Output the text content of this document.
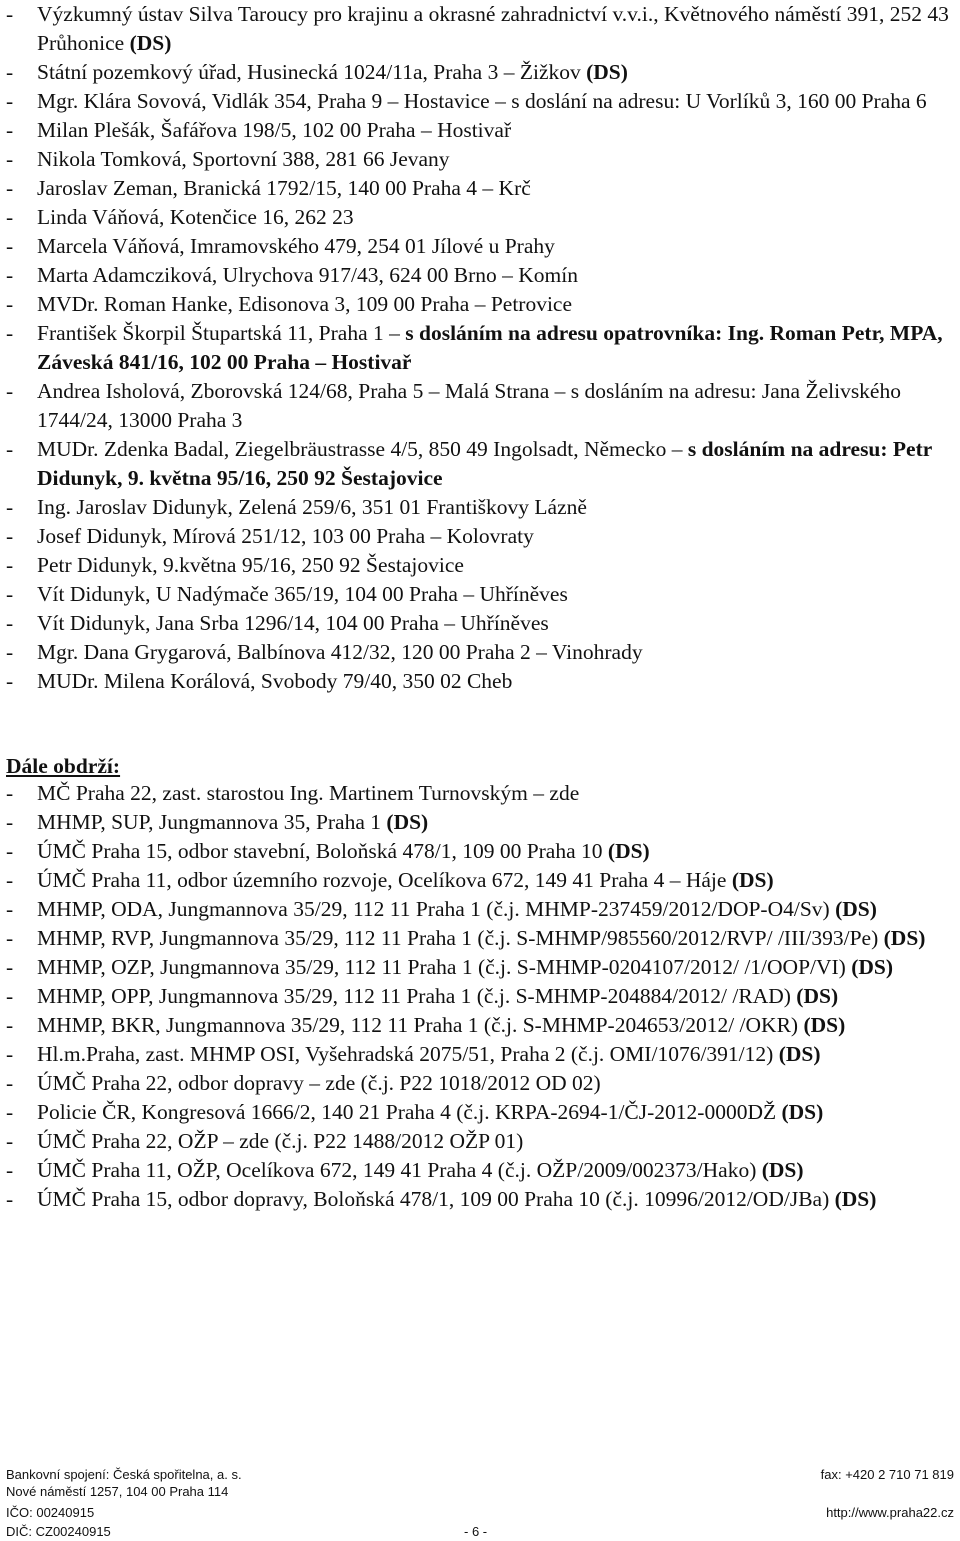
- Výzkumný ústav Silva Taroucy pro krajinu a okrasné zahradnictví v.v.i., Květnového náměstí 391, 252 43 Průhonice (DS)
- Státní pozemkový úřad, Husinecká 1024/11a, Praha 3 – Žižkov (DS)
- Mgr. Klára Sovová, Vidlák 354, Praha 9 – Hostavice – s doslání na adresu: U Vorlíků 3, 160 00 Praha 6
- Milan Plešák, Šafářova 198/5, 102 00 Praha – Hostivař
- Nikola Tomková, Sportovní 388, 281 66 Jevany
- Jaroslav Zeman, Branická 1792/15, 140 00 Praha 4 – Krč
- Linda Váňová, Kotenčice 16, 262 23
- Marcela Váňová, Imramovského 479, 254 01 Jílové u Prahy
- Marta Adamcziková, Ulrychova 917/43, 624 00 Brno – Komín
- MVDr. Roman Hanke, Edisonova 3, 109 00 Praha – Petrovice
- František Škorpil Štupartská 11, Praha 1 – s dosláním na adresu opatrovníka: Ing. Roman Petr, MPA, Záveská 841/16, 102 00 Praha – Hostivař
- Andrea Isholová, Zborovská 124/68, Praha 5 – Malá Strana – s dosláním na adresu: Jana Želivského 1744/24, 13000 Praha 3
- MUDr. Zdenka Badal, Ziegelbräustrasse 4/5, 850 49 Ingolsadt, Německo – s dosláním na adresu: Petr Didunyk, 9. května 95/16, 250 92 Šestajovice
- Ing. Jaroslav Didunyk, Zelená 259/6, 351 01 Františkovy Lázně
- Josef Didunyk, Mírová 251/12, 103 00 Praha – Kolovraty
- Petr Didunyk, 9.května 95/16, 250 92 Šestajovice
- Vít Didunyk, U Nadýmače 365/19, 104 00 Praha – Uhříněves
- Vít Didunyk, Jana Srba 1296/14, 104 00 Praha – Uhříněves
- Mgr. Dana Grygarová, Balbínova 412/32, 120 00 Praha 2 – Vinohrady
- MUDr. Milena Korálová, Svobody 79/40, 350 02 Cheb
Dále obdrží:
- MČ Praha 22, zast. starostou Ing. Martinem Turnovským – zde
- MHMP, SUP, Jungmannova 35, Praha 1 (DS)
- ÚMČ Praha 15, odbor stavební, Boloňská 478/1, 109 00 Praha 10 (DS)
- ÚMČ Praha 11, odbor územního rozvoje, Ocelíkova 672, 149 41 Praha 4 – Háje (DS)
- MHMP, ODA, Jungmannova 35/29, 112 11 Praha 1 (č.j. MHMP-237459/2012/DOP-O4/Sv) (DS)
- MHMP, RVP, Jungmannova 35/29, 112 11 Praha 1 (č.j. S-MHMP/985560/2012/RVP/ /III/393/Pe) (DS)
- MHMP, OZP, Jungmannova 35/29, 112 11 Praha 1 (č.j. S-MHMP-0204107/2012/ /1/OOP/VI) (DS)
- MHMP, OPP, Jungmannova 35/29, 112 11 Praha 1 (č.j. S-MHMP-204884/2012/ /RAD) (DS)
- MHMP, BKR, Jungmannova 35/29, 112 11 Praha 1 (č.j. S-MHMP-204653/2012/ /OKR) (DS)
- Hl.m.Praha, zast. MHMP OSI, Vyšehradská 2075/51, Praha 2 (č.j. OMI/1076/391/12) (DS)
- ÚMČ Praha 22, odbor dopravy – zde (č.j. P22 1018/2012 OD 02)
- Policie ČR, Kongresová 1666/2, 140 21 Praha 4 (č.j. KRPA-2694-1/ČJ-2012-0000DŽ (DS)
- ÚMČ Praha 22, OŽP – zde (č.j. P22 1488/2012 OŽP 01)
- ÚMČ Praha 11, OŽP, Ocelíkova 672, 149 41 Praha 4 (č.j. OŽP/2009/002373/Hako) (DS)
- ÚMČ Praha 15, odbor dopravy, Boloňská 478/1, 109 00 Praha 10 (č.j. 10996/2012/OD/JBa) (DS)
Bankovní spojení: Česká spořitelna, a. s.	fax: +420 2 710 71 819
Nové náměstí 1257, 104 00 Praha 114
IČO: 00240915	http://www.praha22.cz
DIČ: CZ00240915	- 6 -
